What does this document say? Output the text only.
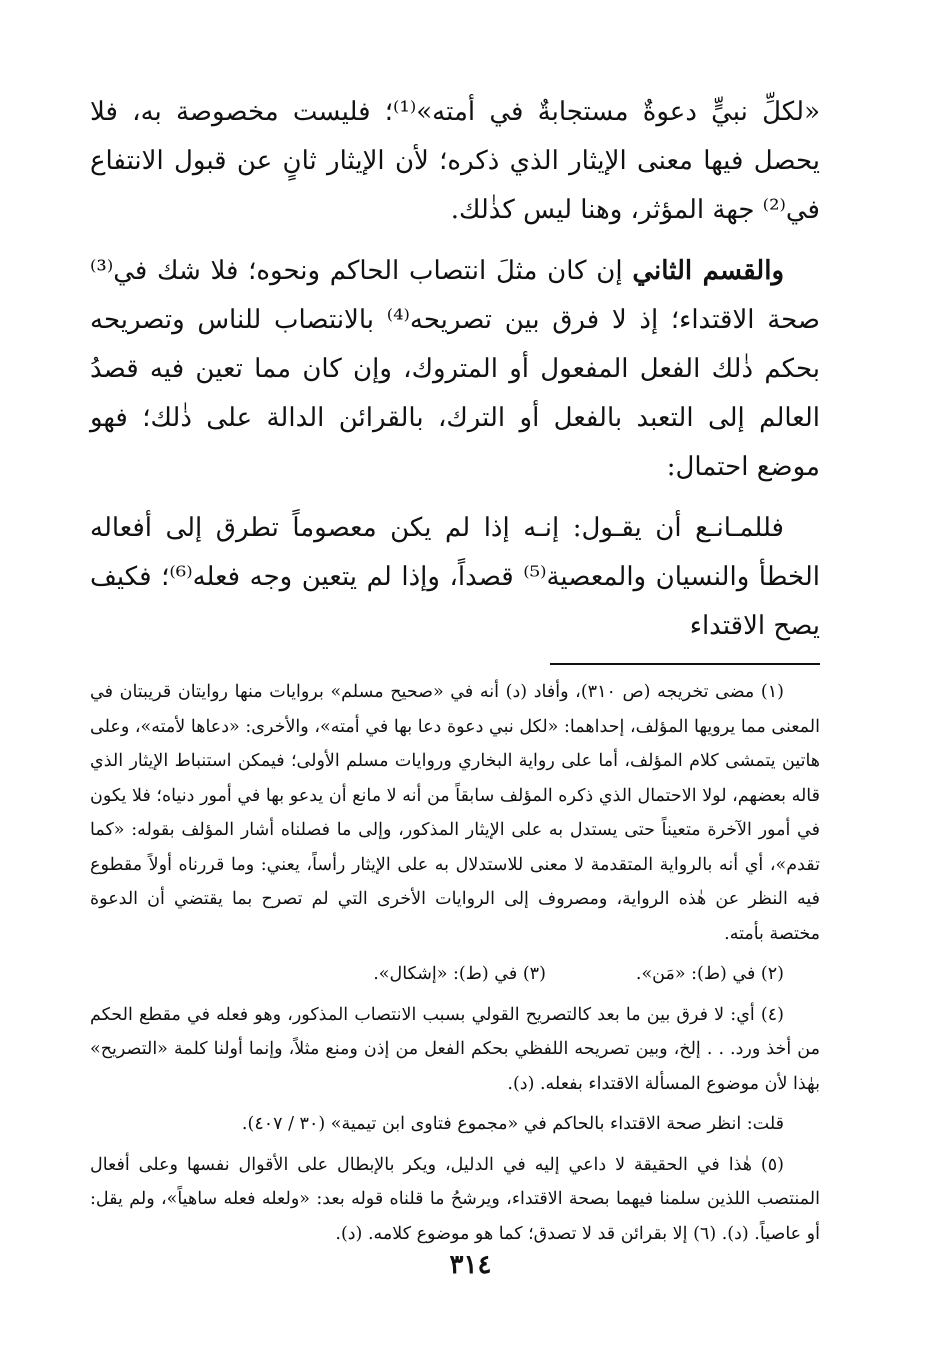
«لكلِّ نبيٍّ دعوةٌ مستجابةٌ في أمته»⁽¹⁾؛ فليست مخصوصة به، فلا يحصل فيها معنى الإيثار الذي ذكره؛ لأن الإيثار ثانٍ عن قبول الانتفاع في⁽²⁾ جهة المؤثر، وهنا ليس كذٰلك.

والقسم الثاني إن كان مثلَ انتصاب الحاكم ونحوه؛ فلا شك في⁽³⁾ صحة الاقتداء؛ إذ لا فرق بين تصريحه⁽⁴⁾ بالانتصاب للناس وتصريحه بحكم ذٰلك الفعل المفعول أو المتروك، وإن كان مما تعين فيه قصدُ العالم إلى التعبد بالفعل أو الترك، بالقرائن الدالة على ذٰلك؛ فهو موضع احتمال:

فللمـانـع أن يقـول: إنـه إذا لم يكن معصوماً تطرق إلى أفعاله الخطأ والنسيان والمعصية⁽⁵⁾ قصداً، وإذا لم يتعين وجه فعله⁽⁶⁾؛ فكيف يصح الاقتداء

(١) مضى تخريجه (ص ٣١٠)، وأفاد (د) أنه في «صحيح مسلم» بروايات منها روايتان قريبتان في المعنى مما يرويها المؤلف، إحداهما: «لكل نبي دعوة دعا بها في أمته»، والأخرى: «دعاها لأمته»، وعلى هاتين يتمشى كلام المؤلف، أما على رواية البخاري وروايات مسلم الأولى؛ فيمكن استنباط الإيثار الذي قاله بعضهم، لولا الاحتمال الذي ذكره المؤلف سابقاً من أنه لا مانع أن يدعو بها في أمور دنياه؛ فلا يكون في أمور الآخرة متعيناً حتى يستدل به على الإيثار المذكور، وإلى ما فصلناه أشار المؤلف بقوله: «كما تقدم»، أي أنه بالرواية المتقدمة لا معنى للاستدلال به على الإيثار رأساً، يعني: وما قررناه أولاً مقطوع فيه النظر عن هٰذه الرواية، ومصروف إلى الروايات الأخرى التي لم تصرح بما يقتضي أن الدعوة مختصة بأمته.

(٢) في (ط): «مَن».
(٣) في (ط): «إشكال».

(٤) أي: لا فرق بين ما بعد كالتصريح القولي بسبب الانتصاب المذكور، وهو فعله في مقطع الحكم من أخذ ورد. . . إلخ، وبين تصريحه اللفظي بحكم الفعل من إذن ومنع مثلاً، وإنما أولنا كلمة «التصريح» بهٰذا لأن موضوع المسألة الاقتداء بفعله. (د).

قلت: انظر صحة الاقتداء بالحاكم في «مجموع فتاوى ابن تيمية» (٣٠ / ٤٠٧).

(٥) هٰذا في الحقيقة لا داعي إليه في الدليل، ويكر بالإبطال على الأقوال نفسها وعلى أفعال المنتصب اللذين سلمنا فيهما بصحة الاقتداء، ويرشحُ ما قلناه قوله بعد: «ولعله فعله ساهياً»، ولم يقل: أو عاصياً. (د). (٦) إلا بقرائن قد لا تصدق؛ كما هو موضوع كلامه. (د).

٣١٤
